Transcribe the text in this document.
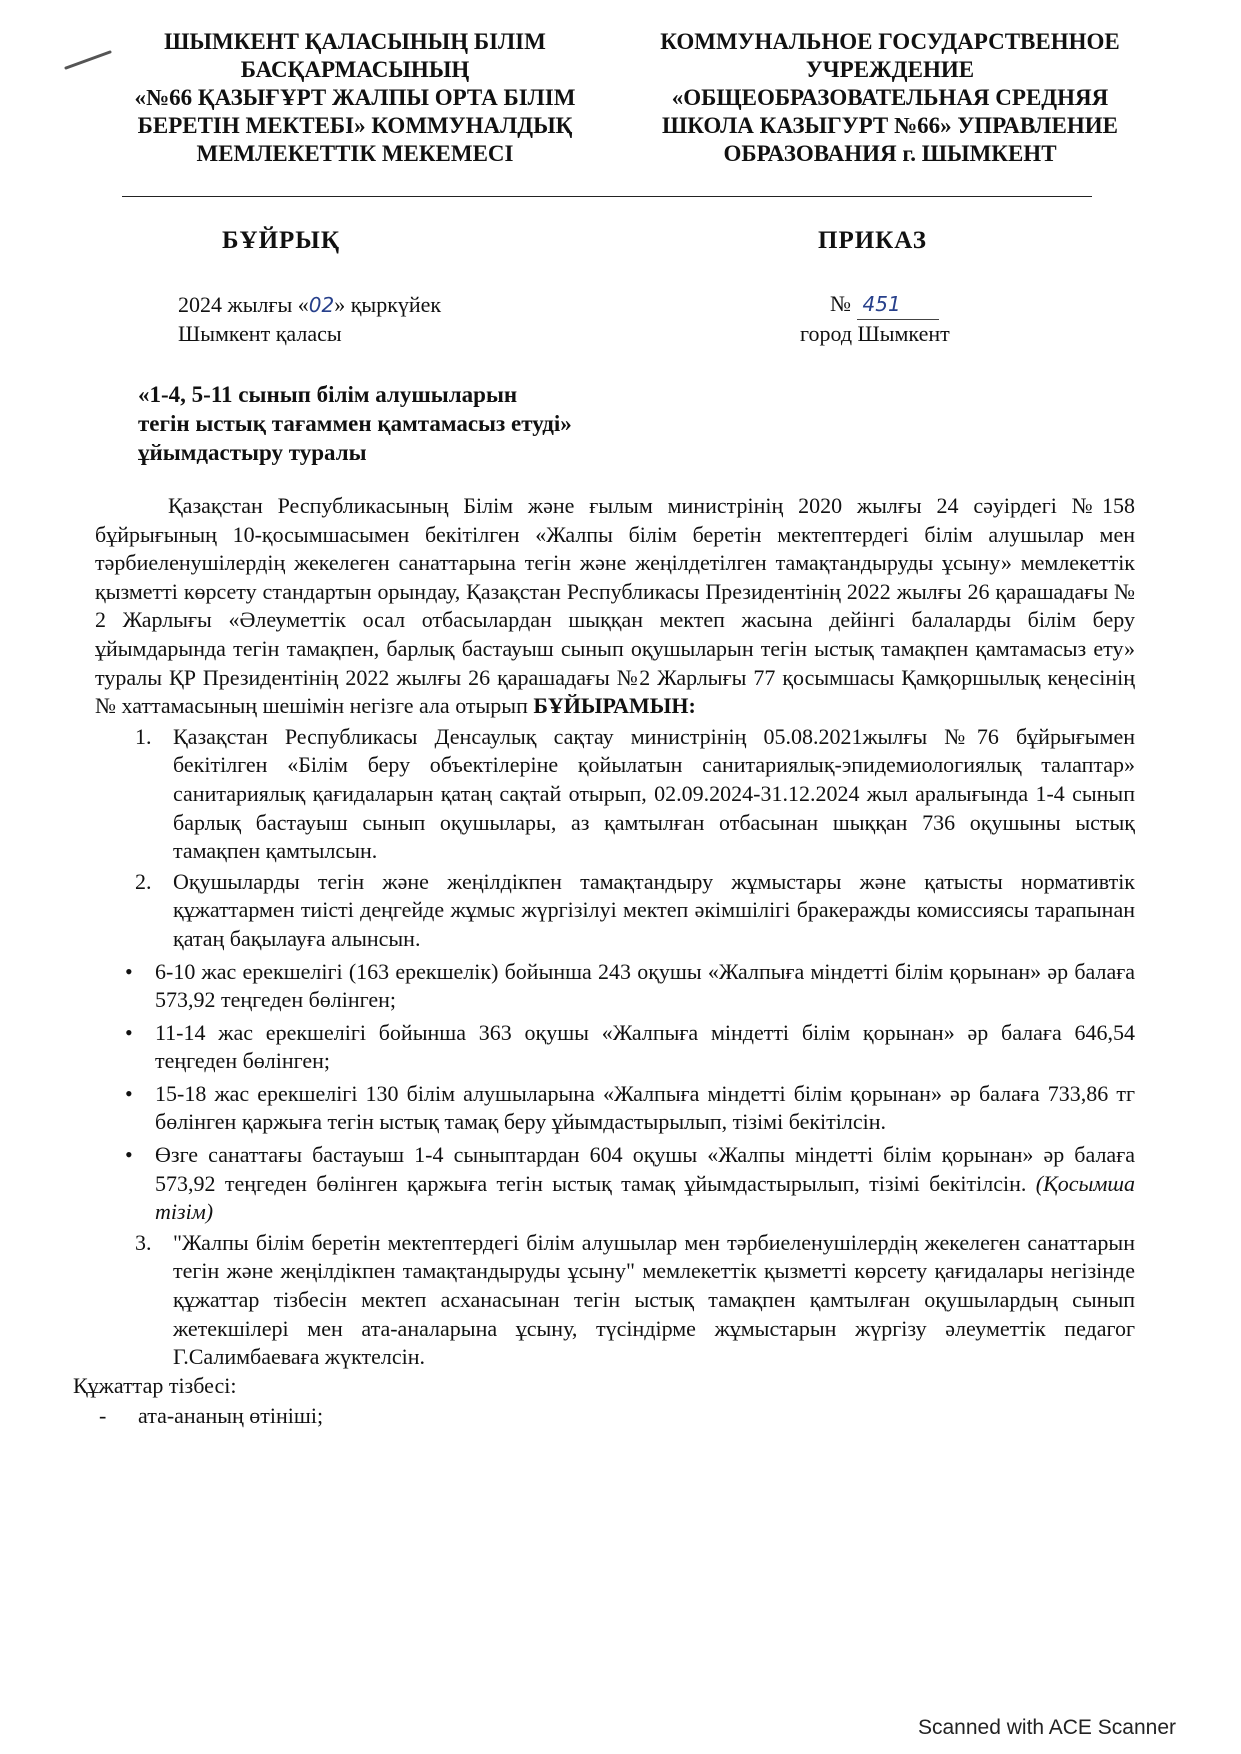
ШЫМКЕНТ ҚАЛАСЫНЫҢ БІЛІМ
БАСҚАРМАСЫНЫҢ
«№66 ҚАЗЫҒҰРТ ЖАЛПЫ ОРТА БІЛІМ
БЕРЕТІН МЕКТЕБІ» КОММУНАЛДЫҚ
МЕМЛЕКЕТТІК МЕКЕМЕСІ
КОММУНАЛЬНОЕ ГОСУДАРСТВЕННОЕ
УЧРЕЖДЕНИЕ
«ОБЩЕОБРАЗОВАТЕЛЬНАЯ СРЕДНЯЯ
ШКОЛА КАЗЫГУРТ №66» УПРАВЛЕНИЕ
ОБРАЗОВАНИЯ г. ШЫМКЕНТ
БҰЙРЫҚ	ПРИКАЗ
2024 жылғы «02» қыркүйек
Шымкент қаласы
№ 451
город Шымкент
«1-4, 5-11 сынып білім алушыларын
тегін ыстық тағаммен қамтамасыз етуді»
ұйымдастыру туралы

Қазақстан Республикасының Білім және ғылым министрінің 2020 жылғы 24 сәуірдегі №158 бұйрығының 10-қосымшасымен бекітілген «Жалпы білім беретін мектептердегі білім алушылар мен тәрбиеленушілердің жекелеген санаттарына тегін және жеңілдетілген тамақтандыруды ұсыну» мемлекеттік қызметті көрсету стандартын орындау, Қазақстан Республикасы Президентінің 2022 жылғы 26 қарашадағы № 2 Жарлығы «Әлеуметтік осал отбасылардан шыққан мектеп жасына дейінгі балаларды білім беру ұйымдарында тегін тамақпен, барлық бастауыш сынып оқушыларын тегін ыстық тамақпен қамтамасыз ету» туралы ҚР Президентінің 2022 жылғы 26 қарашадағы №2 Жарлығы 77 қосымшасы Қамқоршылық кеңесінің № хаттамасының шешімін негізге ала отырып БҰЙЫРАМЫН:

1. Қазақстан Республикасы Денсаулық сақтау министрінің 05.08.2021жылғы №76 бұйрығымен бекітілген «Білім беру объектілеріне қойылатын санитариялық-эпидемиологиялық талаптар» санитариялық қағидаларын қатаң сақтай отырып, 02.09.2024-31.12.2024 жыл аралығында 1-4 сынып барлық бастауыш сынып оқушылары, аз қамтылған отбасынан шыққан 736 оқушыны ыстық тамақпен қамтылсын.
2. Оқушыларды тегін және жеңілдікпен тамақтандыру жұмыстары және қатысты нормативтік құжаттармен тиісті деңгейде жұмыс жүргізілуі мектеп әкімшілігі бракеражды комиссиясы тарапынан қатаң бақылауға алынсын.
• 6-10 жас ерекшелігі (163 ерекшелік) бойынша 243 оқушы «Жалпыға міндетті білім қорынан» әр балаға 573,92 теңгеден бөлінген;
• 11-14 жас ерекшелігі бойынша 363 оқушы «Жалпыға міндетті білім қорынан» әр балаға 646,54 теңгеден бөлінген;
• 15-18 жас ерекшелігі 130 білім алушыларына «Жалпыға міндетті білім қорынан» әр балаға 733,86 тг бөлінген қаржыға тегін ыстық тамақ беру ұйымдастырылып, тізімі бекітілсін.
• Өзге санаттағы бастауыш 1-4 сыныптардан 604 оқушы «Жалпы міндетті білім қорынан» әр балаға 573,92 теңгеден бөлінген қаржыға тегін ыстық тамақ ұйымдастырылып, тізімі бекітілсін. (Қосымша тізім)
3. "Жалпы білім беретін мектептердегі білім алушылар мен тәрбиеленушілердің жекелеген санаттарын тегін және жеңілдікпен тамақтандыруды ұсыну" мемлекеттік қызметті көрсету қағидалары негізінде құжаттар тізбесін мектеп асханасынан тегін ыстық тамақпен қамтылған оқушылардың сынып жетекшілері мен ата-аналарына ұсыну, түсіндірме жұмыстарын жүргізу әлеуметтік педагог Г.Салимбаеваға жүктелсін.
Құжаттар тізбесі:
- ата-ананың өтініші;
Scanned with ACE Scanner
